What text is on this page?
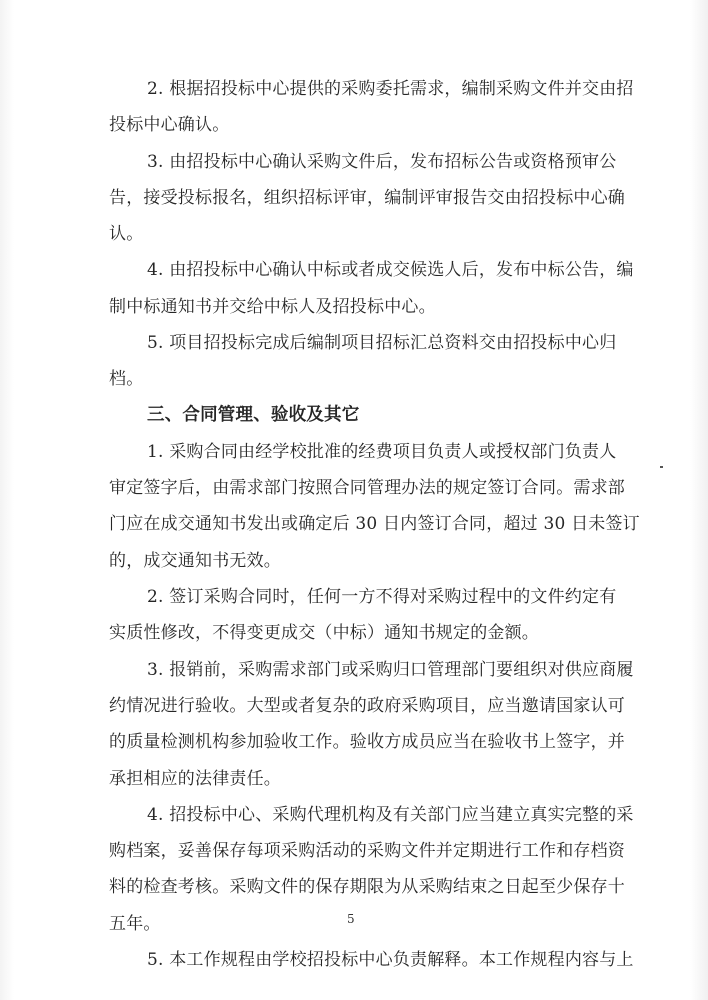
2. 根据招投标中心提供的采购委托需求，编制采购文件并交由招
投标中心确认。
3. 由招投标中心确认采购文件后，发布招标公告或资格预审公
告，接受投标报名，组织招标评审，编制评审报告交由招投标中心确
认。
4. 由招投标中心确认中标或者成交候选人后，发布中标公告，编
制中标通知书并交给中标人及招投标中心。
5. 项目招投标完成后编制项目招标汇总资料交由招投标中心归
档。
三、合同管理、验收及其它
1. 采购合同由经学校批准的经费项目负责人或授权部门负责人
审定签字后，由需求部门按照合同管理办法的规定签订合同。需求部
门应在成交通知书发出或确定后 30 日内签订合同，超过 30 日未签订
的，成交通知书无效。
2. 签订采购合同时，任何一方不得对采购过程中的文件约定有
实质性修改，不得变更成交（中标）通知书规定的金额。
3. 报销前，采购需求部门或采购归口管理部门要组织对供应商履
约情况进行验收。大型或者复杂的政府采购项目，应当邀请国家认可
的质量检测机构参加验收工作。验收方成员应当在验收书上签字，并
承担相应的法律责任。
4. 招投标中心、采购代理机构及有关部门应当建立真实完整的采
购档案，妥善保存每项采购活动的采购文件并定期进行工作和存档资
料的检查考核。采购文件的保存期限为从采购结束之日起至少保存十
五年。
5. 本工作规程由学校招投标中心负责解释。本工作规程内容与上
5
